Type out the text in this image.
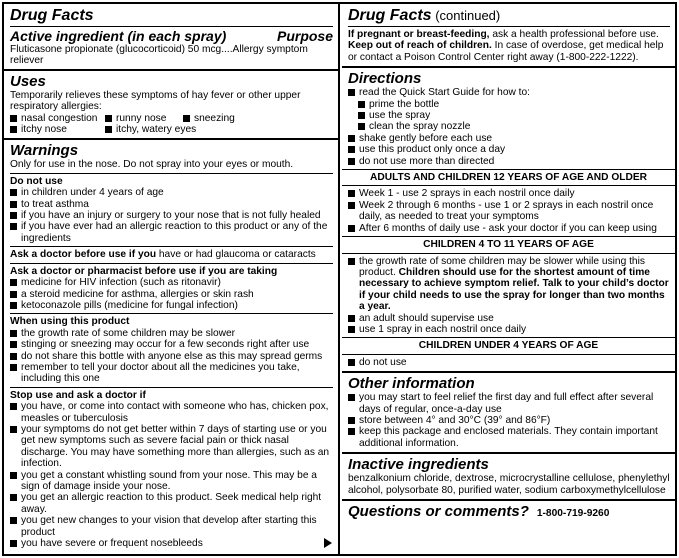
Drug Facts
Active ingredient (in each spray)	Purpose
Fluticasone propionate (glucocorticoid) 50 mcg....Allergy symptom reliever
Uses
Temporarily relieves these symptoms of hay fever or other upper respiratory allergies:
nasal congestion	runny nose	sneezing
itchy nose	itchy, watery eyes
Warnings
Only for use in the nose. Do not spray into your eyes or mouth.
Do not use
in children under 4 years of age
to treat asthma
if you have an injury or surgery to your nose that is not fully healed
if you have ever had an allergic reaction to this product or any of the ingredients
Ask a doctor before use if you have or had glaucoma or cataracts
Ask a doctor or pharmacist before use if you are taking
medicine for HIV infection (such as ritonavir)
a steroid medicine for asthma, allergies or skin rash
ketoconazole pills (medicine for fungal infection)
When using this product
the growth rate of some children may be slower
stinging or sneezing may occur for a few seconds right after use
do not share this bottle with anyone else as this may spread germs
remember to tell your doctor about all the medicines you take, including this one
Stop use and ask a doctor if
you have, or come into contact with someone who has, chicken pox, measles or tuberculosis
your symptoms do not get better within 7 days of starting use or you get new symptoms such as severe facial pain or thick nasal discharge. You may have something more than allergies, such as an infection.
you get a constant whistling sound from your nose. This may be a sign of damage inside your nose.
you get an allergic reaction to this product. Seek medical help right away.
you get new changes to your vision that develop after starting this product
you have severe or frequent nosebleeds
Drug Facts (continued)
If pregnant or breast-feeding, ask a health professional before use.
Keep out of reach of children. In case of overdose, get medical help or contact a Poison Control Center right away (1-800-222-1222).
Directions
read the Quick Start Guide for how to:
prime the bottle
use the spray
clean the spray nozzle
shake gently before each use
use this product only once a day
do not use more than directed
ADULTS AND CHILDREN 12 YEARS OF AGE AND OLDER
Week 1 - use 2 sprays in each nostril once daily
Week 2 through 6 months - use 1 or 2 sprays in each nostril once daily, as needed to treat your symptoms
After 6 months of daily use - ask your doctor if you can keep using
CHILDREN 4 TO 11 YEARS OF AGE
the growth rate of some children may be slower while using this product. Children should use for the shortest amount of time necessary to achieve symptom relief. Talk to your child’s doctor if your child needs to use the spray for longer than two months a year.
an adult should supervise use
use 1 spray in each nostril once daily
CHILDREN UNDER 4 YEARS OF AGE
do not use
Other information
you may start to feel relief the first day and full effect after several days of regular, once-a-day use
store between 4° and 30°C (39° and 86°F)
keep this package and enclosed materials. They contain important additional information.
Inactive ingredients
benzalkonium chloride, dextrose, microcrystalline cellulose, phenylethyl alcohol, polysorbate 80, purified water, sodium carboxymethylcellulose
Questions or comments? 1-800-719-9260
